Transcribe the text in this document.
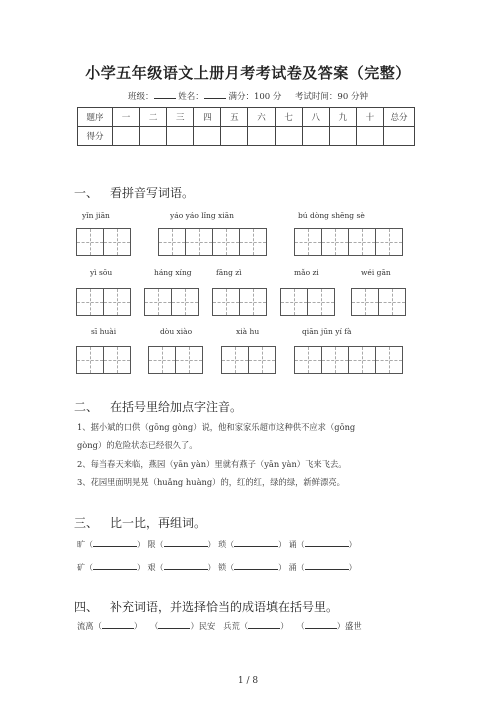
小学五年级语文上册月考考试卷及答案（完整）
班级：	姓名：	满分：100 分 考试时间：90 分钟
题序	一	二	三	四	五	六	七	八	九	十	总分
得分											
一、 看拼音写词语。
yǐn jiān	yáo yáo lǐng xiān	bú dòng shēng sè
yì sōu	háng xíng	fāng zì	mǎo zi	wéi gān
sī huài	dòu xiào	xià hu	qiān jūn yí fà
二、 在括号里给加点字注音。
1、据小斌的口供（gōng gòng）说，他和家家乐超市这种供不应求（gōng
gòng）的危险状态已经很久了。
2、每当春天来临，燕园（yān yàn）里就有燕子（yān yàn）飞来飞去。
3、花园里面明晃晃（huǎng huàng）的，红的红，绿的绿，新鲜漂亮。
三、 比一比，再组词。
旷（	） 限（	） 琐（	） 诵（	）
矿（	） 艰（	） 锁（	） 涌（	）
四、 补充词语，并选择恰当的成语填在括号里。
流离（	） （	）民安 兵荒（	） （	）盛世
1 / 8
